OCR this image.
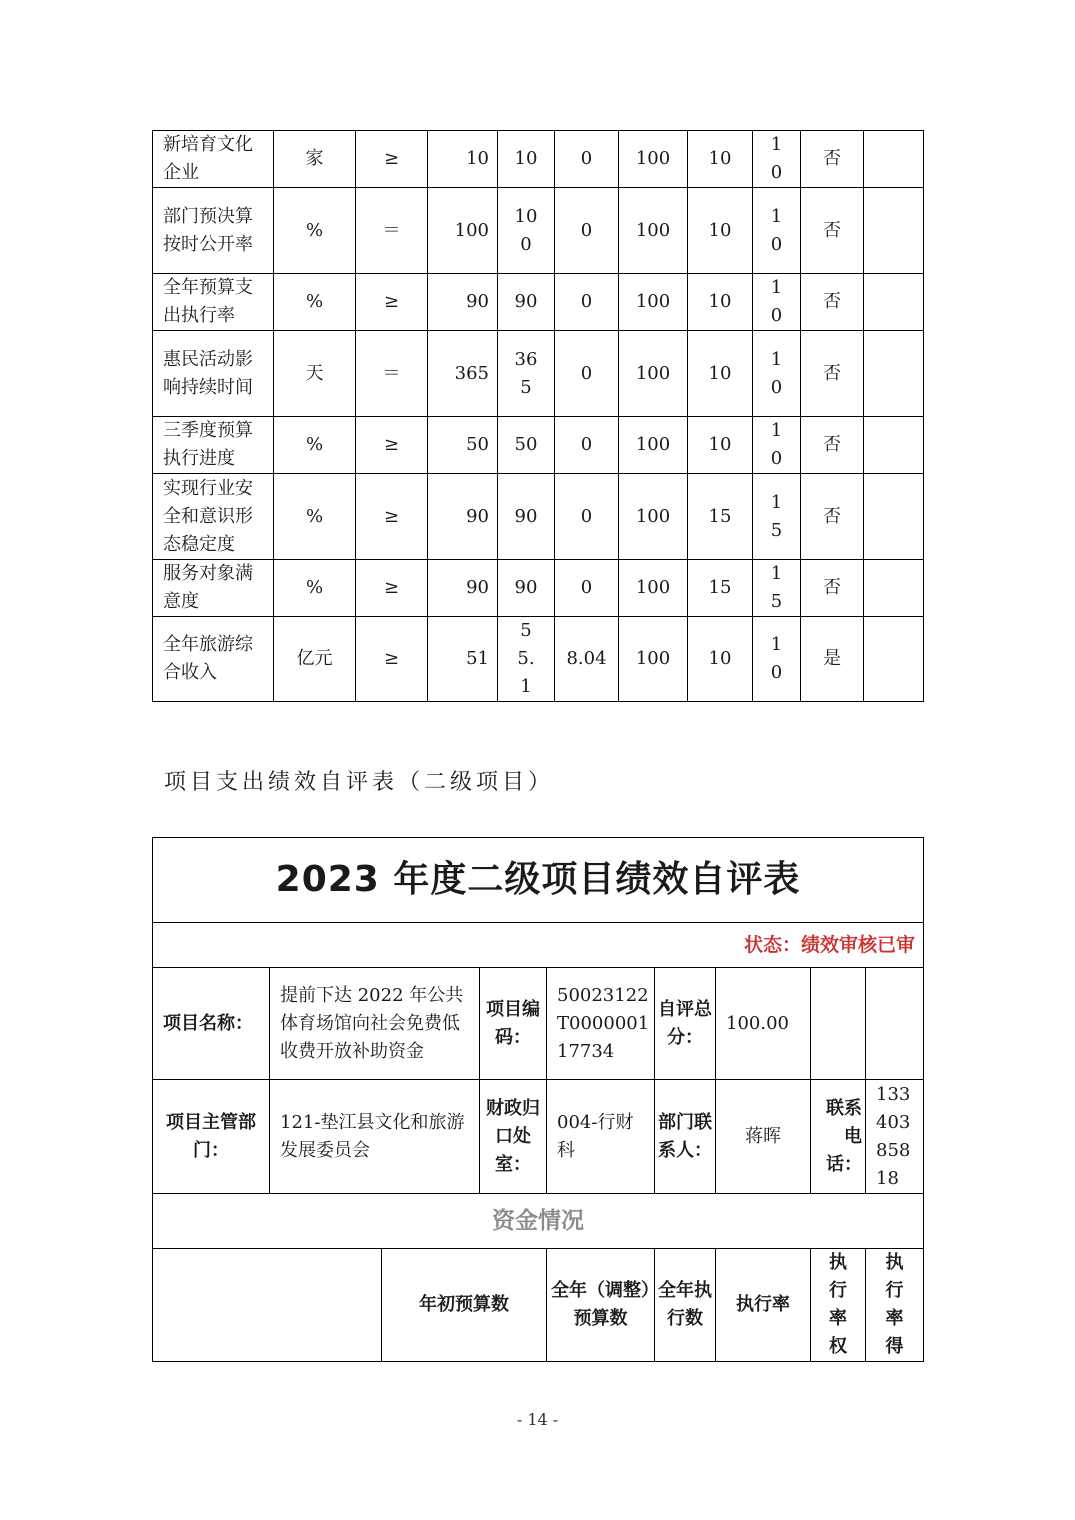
新培育文化企业	家	≥	10	10	0	100	10	10	否	
部门预决算按时公开率	%	＝	100	100	0	100	10	10	否	
全年预算支出执行率	%	≥	90	90	0	100	10	10	否	
惠民活动影响持续时间	天	＝	365	365	0	100	10	10	否	
三季度预算执行进度	%	≥	50	50	0	100	10	10	否	
实现行业安全和意识形态稳定度	%	≥	90	90	0	100	15	15	否	
服务对象满意度	%	≥	90	90	0	100	15	15	否	
全年旅游综合收入	亿元	≥	51	55.1	8.04	100	10	10	是	
项目支出绩效自评表（二级项目）
2023 年度二级项目绩效自评表								
状态：绩效审核已审								
项目名称：	提前下达 2022 年公共体育场馆向社会免费低收费开放补助资金		项目编码：	50023122T000000117734	自评总分：	100.00		
项目主管部门：	121-垫江县文化和旅游发展委员会		财政归口处室：	004-行财科	部门联系人：	蒋晖	联系电话：	13340385818
资金情况								
		年初预算数		全年（调整）预算数	全年执行数	执行率	执行率权	执行率得
- 14 -
